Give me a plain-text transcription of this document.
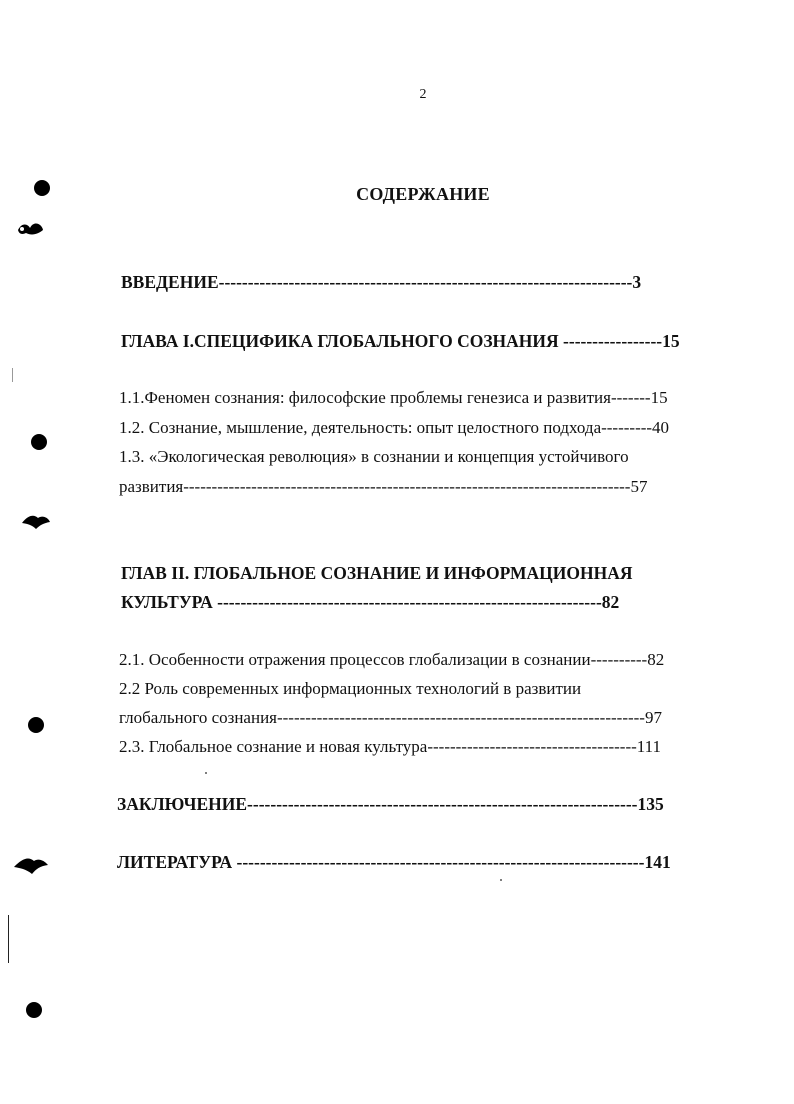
2
СОДЕРЖАНИЕ
ВВЕДЕНИЕ-----------------------------------------------------------------------3
ГЛАВА I.СПЕЦИФИКА ГЛОБАЛЬНОГО СОЗНАНИЯ -----------------15
1.1.Феномен сознания: философские проблемы генезиса и развития-------15
1.2. Сознание, мышление, деятельность: опыт целостного подхода---------40
1.3. «Экологическая революция» в сознании и концепция устойчивого
развития-------------------------------------------------------------------------------57
ГЛАВ II. ГЛОБАЛЬНОЕ СОЗНАНИЕ И ИНФОРМАЦИОННАЯ
КУЛЬТУРА ------------------------------------------------------------------82
2.1. Особенности отражения процессов глобализации в сознании----------82
2.2 Роль современных информационных технологий в развитии
глобального сознания-----------------------------------------------------------------97
2.3. Глобальное сознание и новая культура-------------------------------------111
ЗАКЛЮЧЕНИЕ-------------------------------------------------------------------135
ЛИТЕРАТУРА ----------------------------------------------------------------------141
